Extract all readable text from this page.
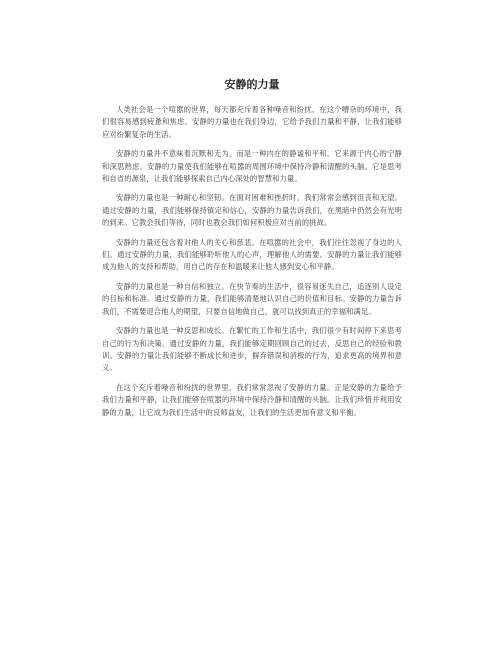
安静的力量

人类社会是一个喧嚣的世界，每天都充斥着各种噪音和纷扰。在这个嘈杂的环境中，我们很容易感到疲惫和焦虑。安静的力量也在我们身边，它给予我们力量和平静，让我们能够应对纷繁复杂的生活。

安静的力量并不意味着沉默和无为，而是一种内在的静谧和平和。它来源于内心的宁静和深思熟虑。安静的力量使我们能够在喧嚣的周围环境中保持冷静和清醒的头脑。它是思考和自省的源泉，让我们能够探索自己内心深处的智慧和力量。

安静的力量也是一种耐心和坚韧。在面对困难和挫折时，我们常常会感到沮丧和无望。通过安静的力量，我们能够保持镇定和信心，安静的力量告诉我们，在黑暗中仍然会有光明的到来。它教会我们等待，同时也教会我们如何积极应对当前的挑战。

安静的力量还包含着对他人的关心和慈悲。在喧嚣的社会中，我们往往忽视了身边的人们。通过安静的力量，我们能够聆听他人的心声，理解他人的需要。安静的力量让我们能够成为他人的支持和帮助，用自己的存在和温暖来让他人感到安心和平静。

安静的力量也是一种自信和独立。在快节奏的生活中，很容易迷失自己，追逐别人设定的目标和标准。通过安静的力量，我们能够清楚地认识自己的价值和目标。安静的力量告诉我们，不需要迎合他人的期望，只要自信地做自己，就可以找到真正的幸福和满足。

安静的力量也是一种反思和成长。在繁忙的工作和生活中，我们很少有时间停下来思考自己的行为和决策。通过安静的力量，我们能够定期回顾自己的过去，反思自己的经验和教训。安静的力量让我们能够不断成长和进步，摒弃错误和消极的行为，追求更高的境界和意义。

在这个充斥着噪音和纷扰的世界里，我们常常忽视了安静的力量。正是安静的力量给予我们力量和平静，让我们能够在喧嚣的环境中保持冷静和清醒的头脑。让我们珍惜并利用安静的力量，让它成为我们生活中的良师益友，让我们的生活更加有意义和平衡。
